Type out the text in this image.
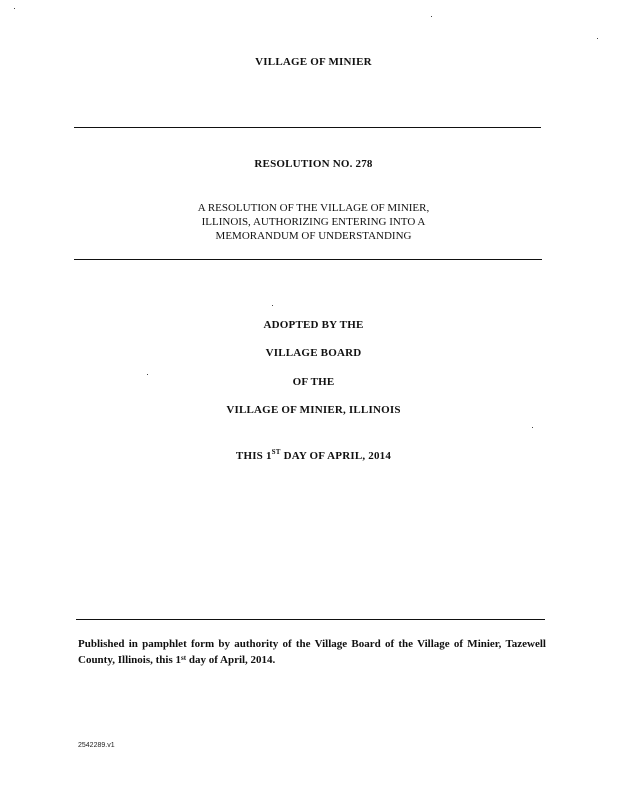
VILLAGE OF MINIER
RESOLUTION NO. 278
A RESOLUTION OF THE VILLAGE OF MINIER,
ILLINOIS, AUTHORIZING ENTERING INTO A
MEMORANDUM OF UNDERSTANDING
ADOPTED BY THE
VILLAGE BOARD
OF THE
VILLAGE OF MINIER, ILLINOIS
THIS 1ST DAY OF APRIL, 2014
Published in pamphlet form by authority of the Village Board of the Village of Minier, Tazewell County, Illinois, this 1st day of April, 2014.
2542289.v1
